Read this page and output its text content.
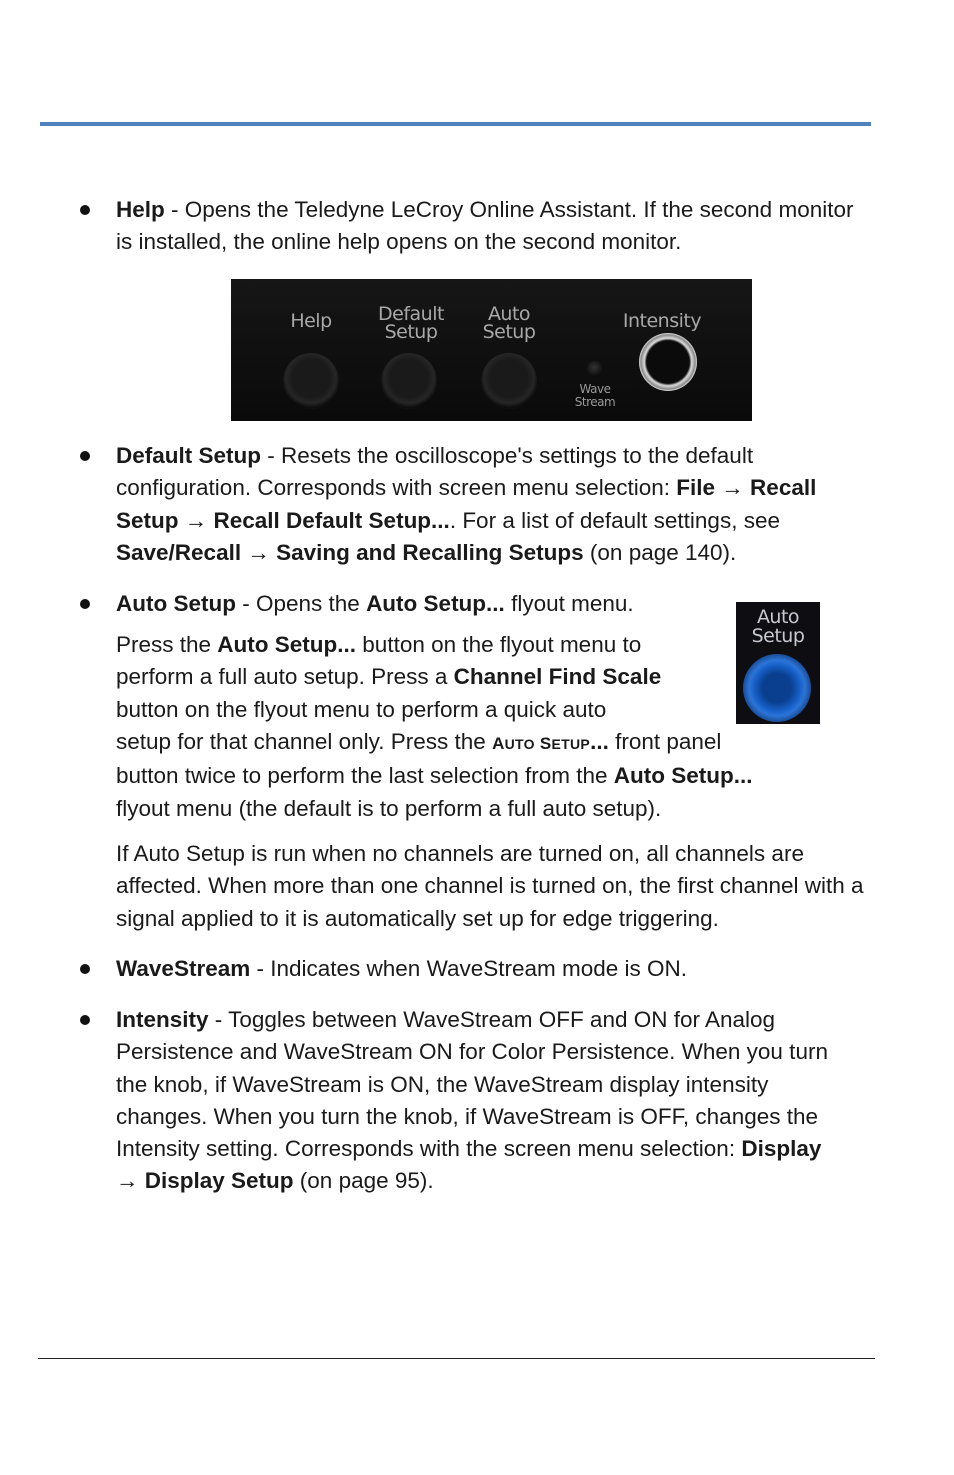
Help - Opens the Teledyne LeCroy Online Assistant. If the second monitor is installed, the online help opens on the second monitor.
Help	Default
Setup
Auto
Setup	Intensity
Wave
Stream
Default Setup - Resets the oscilloscope's settings to the default configuration. Corresponds with screen menu selection: File → Recall Setup → Recall Default Setup.... For a list of default settings, see Save/Recall → Saving and Recalling Setups (on page 140).
Auto Setup - Opens the Auto Setup... flyout menu.
Auto
Setup
Press the Auto Setup... button on the flyout menu to
perform a full auto setup. Press a Channel Find Scale
button on the flyout menu to perform a quick auto
setup for that channel only. Press the AUTO SETUP... front panel
button twice to perform the last selection from the Auto Setup...
flyout menu (the default is to perform a full auto setup).
If Auto Setup is run when no channels are turned on, all channels are affected. When more than one channel is turned on, the first channel with a signal applied to it is automatically set up for edge triggering.
WaveStream - Indicates when WaveStream mode is ON.
Intensity - Toggles between WaveStream OFF and ON for Analog Persistence and WaveStream ON for Color Persistence. When you turn the knob, if WaveStream is ON, the WaveStream display intensity changes. When you turn the knob, if WaveStream is OFF, changes the Intensity setting. Corresponds with the screen menu selection: Display → Display Setup (on page 95).
